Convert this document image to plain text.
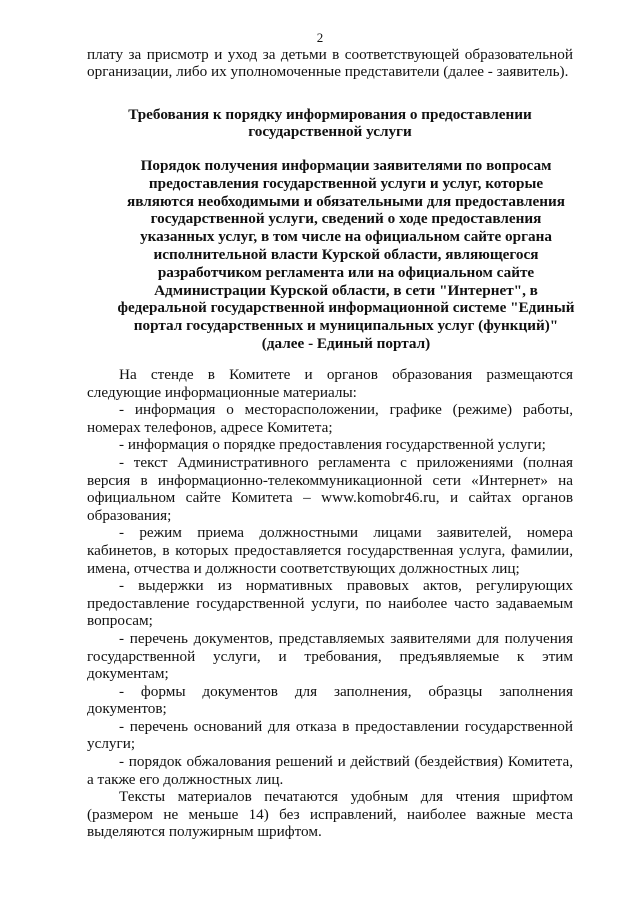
2

плату за присмотр и уход за детьми в соответствующей образовательной организации, либо их уполномоченные представители (далее - заявитель).

Требования к порядку информирования о предоставлении государственной услуги
Порядок получения информации заявителями по вопросам предоставления государственной услуги и услуг, которые являются необходимыми и обязательными для предоставления государственной услуги, сведений о ходе предоставления указанных услуг, в том числе на официальном сайте органа исполнительной власти Курской области, являющегося разработчиком регламента или на официальном сайте Администрации Курской области, в сети "Интернет", в федеральной государственной информационной системе "Единый портал государственных и муниципальных услуг (функций)" (далее - Единый портал)

На стенде в Комитете и органов образования размещаются следующие информационные материалы:

- информация о месторасположении, графике (режиме) работы, номерах телефонов, адресе Комитета;

- информация о порядке предоставления государственной услуги;

- текст Административного регламента с приложениями (полная версия в информационно-телекоммуникационной сети «Интернет» на официальном сайте Комитета – www.komobr46.ru, и сайтах органов образования;

- режим приема должностными лицами заявителей, номера кабинетов, в которых предоставляется государственная услуга, фамилии, имена, отчества и должности соответствующих должностных лиц;

- выдержки из нормативных правовых актов, регулирующих предоставление государственной услуги, по наиболее часто задаваемым вопросам;

- перечень документов, представляемых заявителями для получения государственной услуги, и требования, предъявляемые к этим документам;

- формы документов для заполнения, образцы заполнения документов;

- перечень оснований для отказа в предоставлении государственной услуги;

- порядок обжалования решений и действий (бездействия) Комитета, а также его должностных лиц.

Тексты материалов печатаются удобным для чтения шрифтом (размером не меньше 14) без исправлений, наиболее важные места выделяются полужирным шрифтом.
